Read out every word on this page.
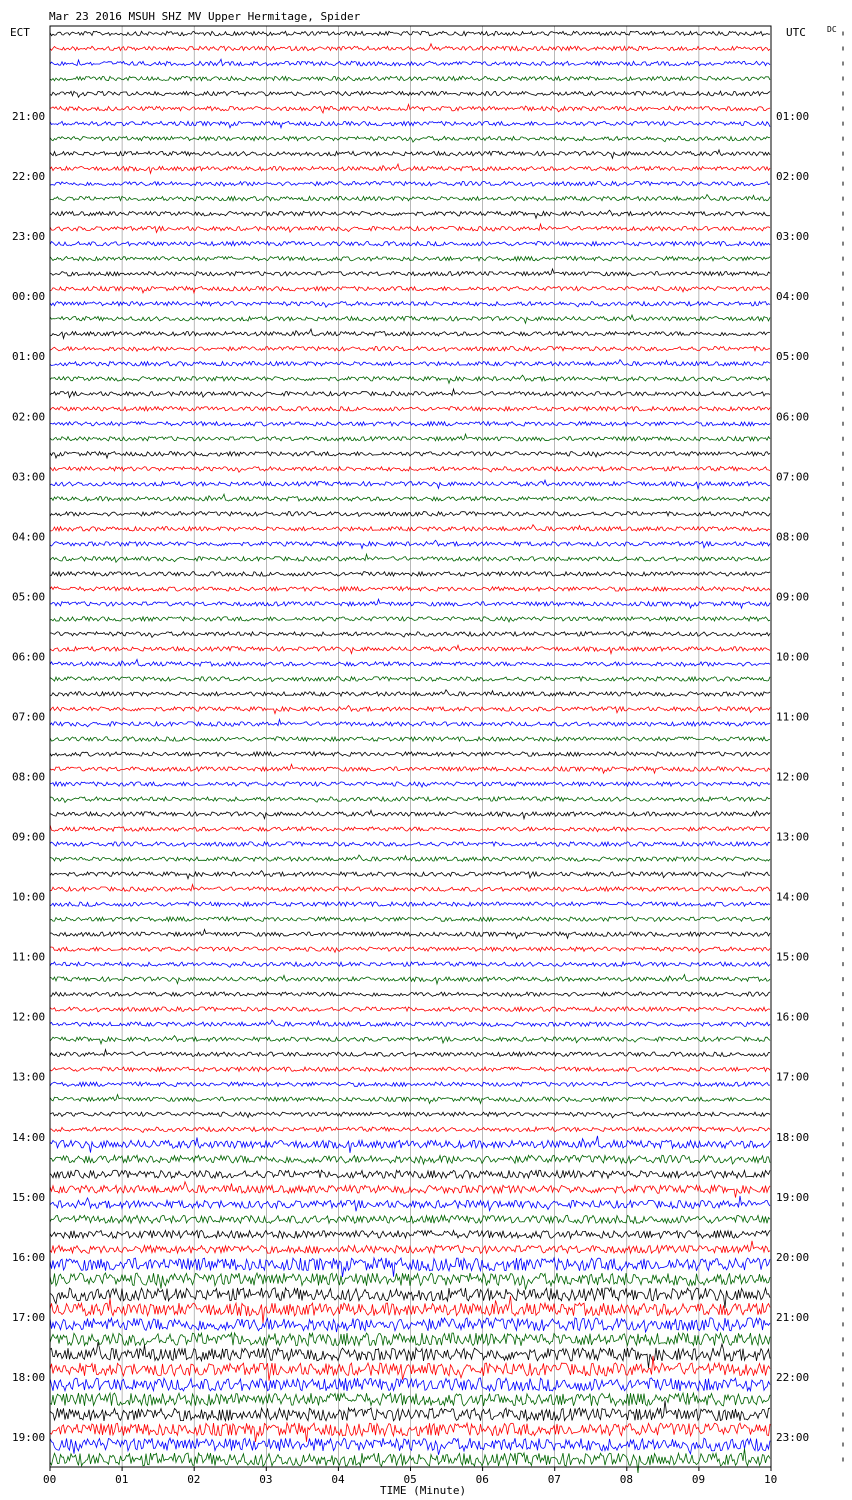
Mar 23 2016 MSUH SHZ MV Upper Hermitage, Spider
ECT	UTC	DC
21:00
22:00
23:00
00:00
01:00
02:00
03:00
04:00
05:00
06:00
07:00
08:00
09:00
10:00
11:00
12:00
13:00
14:00
15:00
16:00
17:00
18:00
19:00
01:00
02:00
03:00
04:00
05:00
06:00
07:00
08:00
09:00
10:00
11:00
12:00
13:00
14:00
15:00
16:00
17:00
18:00
19:00
20:00
21:00
22:00
23:00
00	01	02	03	04	05	06	07	08	09	10
TIME (Minute)
